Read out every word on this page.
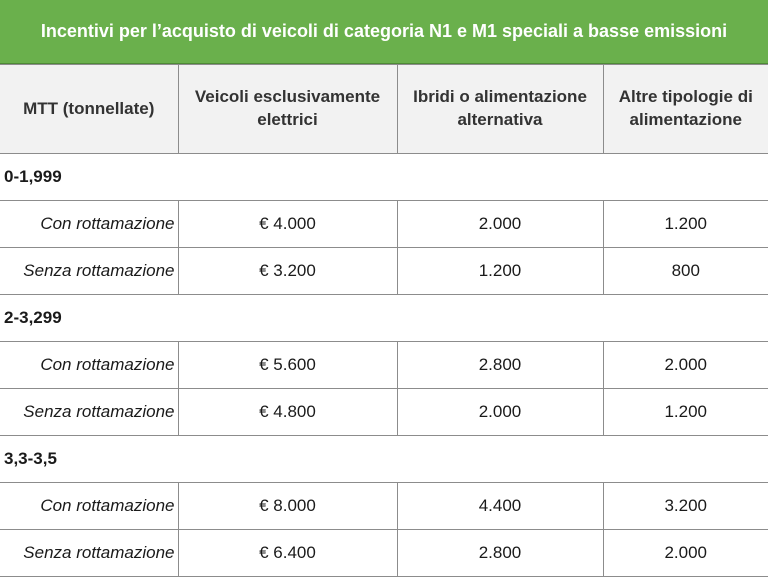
Incentivi per l’acquisto di veicoli di categoria N1 e M1 speciali a basse emissioni
MTT (tonnellate)	Veicoli esclusivamente elettrici	Ibridi o alimentazione alternativa	Altre tipologie di alimentazione
0-1,999			
Con rottamazione	€ 4.000	2.000	1.200
Senza rottamazione	€ 3.200	1.200	800
2-3,299			
Con rottamazione	€ 5.600	2.800	2.000
Senza rottamazione	€ 4.800	2.000	1.200
3,3-3,5			
Con rottamazione	€ 8.000	4.400	3.200
Senza rottamazione	€ 6.400	2.800	2.000
